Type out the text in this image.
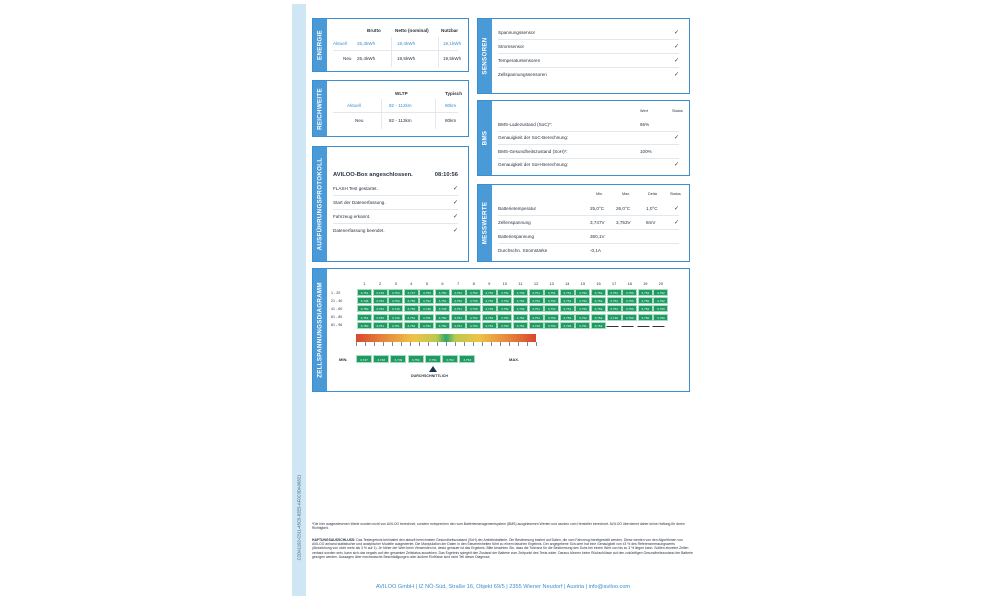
C2DA1192-C511-45C5-82E5-AF0C3DA06821
ENERGIE	Brutto	Netto (nominal)	Nutzbar
Aktuell 25,3kWh	19,4kWh	19,1kWh
Neu 25,4kWh	19,5kWh	19,5kWh
REICHWEITE	WLTP	Typisch
Aktuell	82 - 112km	80km
Neu	82 - 113km	80km
AUSFÜHRUNGSPROTOKOLL AVILOO-Box angeschlossen.	08:10:56
FLASH Test gestartet.	✓
Start der Datenerfassung.	✓
Fahrzeug erkannt.	✓
Datenerfassung beendet.	✓
SENSOREN
Spannungssensor	✓
Stromsensor	✓
Temperatursensoren	✓
Zellspannungssensoren	✓
BMS
Wert	Status
BMS-Ladezustand (SoC)*:	65%
Genauigkeit der SoC-Berechnung:	✓
BMS-Gesundheitszustand (SoH)*:	100%
Genauigkeit der SoH-Berechnung:	✓
MESSWERTE
Min.	Max.	Delta	Status
Batterietemperatur	25,0°C	26,0°C	1,0°C	✓
Zellenspannung	3,747V 3,753V	6mV	✓
Batteriespannung	360,1V
Durchschn. Stromstärke	-0,1A
ZELLSPANNUNGSDIAGRAMM	1	2	3	4	5	6	7	8	9	10	11	12	13	14	15	16	17	18	19	20
1 - 20	3,751	3,749	3,753	3,747	3,750	3,750	3,752	3,752	3,752	3,751	3,749	3,751	3,751	3,751	3,752	3,752	3,752	3,750	3,752	3,752
21 - 40	3,748	3,750	3,750	3,750	3,752	3,752	3,750	3,750	3,752	3,752	3,752	3,752	3,750	3,752	3,752	3,752	3,752	3,750	3,750	3,752
41 - 60	3,750	3,750	3,749	3,750	3,748	3,749	3,751	3,750	3,749	3,751	3,749	3,751	3,752	3,751	3,750	3,752	3,752	3,750	3,752	3,750
61 - 80	3,751	3,750	3,749	3,751	3,751	3,750	3,751	3,752	3,752	3,751	3,752	3,751	3,750	3,752	3,752	3,752	3,748	3,750	3,750	3,750
81 - 96	3,750	3,751	3,751	3,752	3,752	3,750	3,751	3,753	3,751	3,752	3,751	3,749	3,750	3,748	3,751	3,752
3,747	3,748	3,749	3,750	3,751	3,752	3,753
MIN.	MAX.
DURCHSCHNITTLICH
*Die hier ausgewiesenen Werte wurden nicht von AVILOO berechnet, sondern entsprechen den vom Batteriemanagementsystem (BMS) ausgelesenen Werten und wurden vom Hersteller berechnet. AVILOO übernimmt daher keine Haftung für deren Richtigkeit.
HAFTUNGSAUSSCHLUSS: Das Testergebnis beinhaltet den aktuell berechneten Gesundheitszustand (SoH) der Antriebsbatterie. Die Bestimmung basiert auf Daten, die vom Fahrzeug bereitgestellt werden. Diese werden von den Algorithmen von AVILOO anhand statistischer und analytischer Modelle ausgewertet. Die Manipulation der Daten in den Steuereinheiten führt zu einem falschen Ergebnis. Der angegebene Soh-wert hat eine Genauigkeit von ±3 % des Referenzmessungswerts (Abweichung von nicht mehr als 3 % auf 1). Je höher der Wert beim Verwenden ist, desto genauer ist das Ergebnis. Bitte beachten Sie, dass die Toleranz für die Bestimmung des Sohs bei einem Wert von bis zu 3 % liegen kann. Sollten einzelne Zellen verbaut worden sein, kann sich das negativ auf den gesamten Zellstatus auswirken. Das Ergebnis spiegelt den Zustand der Batterie zum Zeitpunkt des Tests wider. Daraus können keine Rückschlüsse auf den zukünftigen Gesundheitszustand der Batterie gezogen werden. Aussagen über mechanische Beschädigungen oder äußere Einflüsse sind nicht Teil dieser Diagnose.
AVILOO GmbH | IZ NÖ-Süd, Straße 16, Objekt 69/5 | 2355 Wiener Neudorf | Austria | info@aviloo.com
